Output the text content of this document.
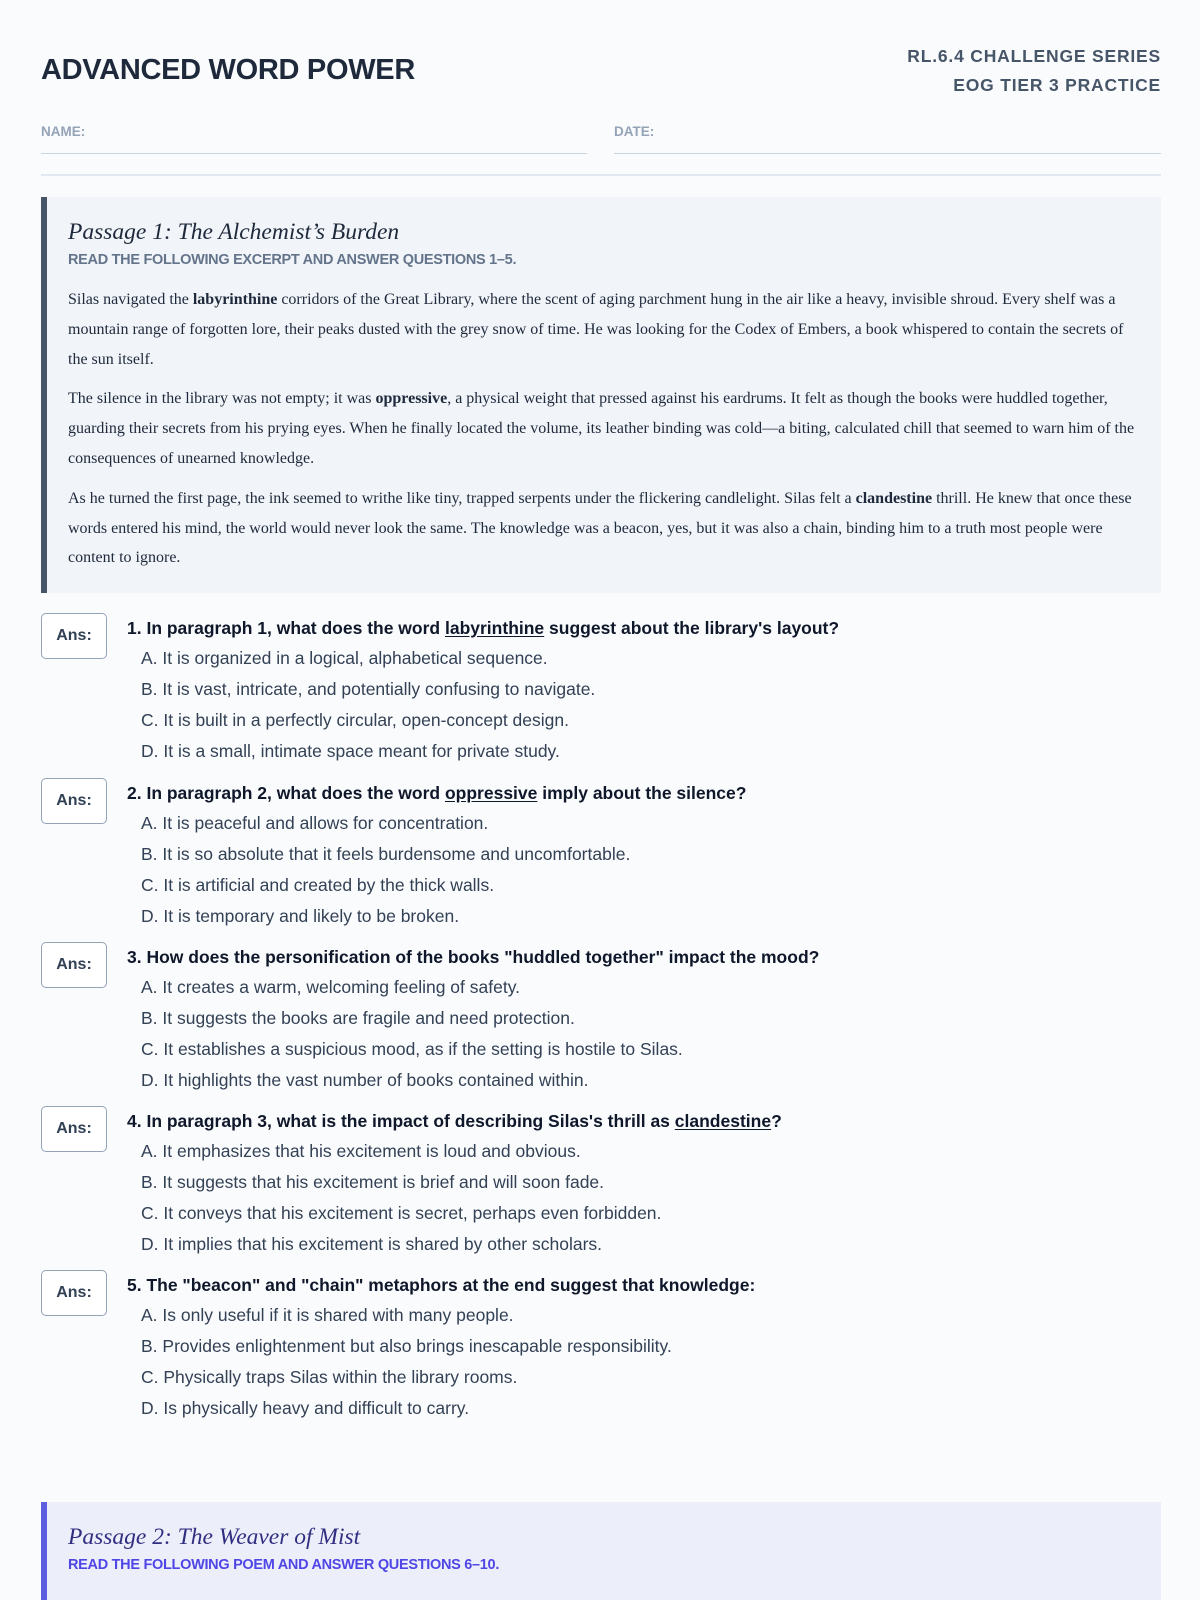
ADVANCED WORD POWER	RL.6.4 CHALLENGE SERIES
EOG TIER 3 PRACTICE
NAME:	DATE:
Passage 1: The Alchemist’s Burden
READ THE FOLLOWING EXCERPT AND ANSWER QUESTIONS 1–5.

Silas navigated the labyrinthine corridors of the Great Library, where the scent of aging parchment hung in the air like a heavy, invisible shroud. Every shelf was a mountain range of forgotten lore, their peaks dusted with the grey snow of time. He was looking for the Codex of Embers, a book whispered to contain the secrets of the sun itself.

The silence in the library was not empty; it was oppressive, a physical weight that pressed against his eardrums. It felt as though the books were huddled together, guarding their secrets from his prying eyes. When he finally located the volume, its leather binding was cold—a biting, calculated chill that seemed to warn him of the consequences of unearned knowledge.

As he turned the first page, the ink seemed to writhe like tiny, trapped serpents under the flickering candlelight. Silas felt a clandestine thrill. He knew that once these words entered his mind, the world would never look the same. The knowledge was a beacon, yes, but it was also a chain, binding him to a truth most people were content to ignore.

Ans:	1. In paragraph 1, what does the word labyrinthine suggest about the library's layout?
A. It is organized in a logical, alphabetical sequence.
B. It is vast, intricate, and potentially confusing to navigate.
C. It is built in a perfectly circular, open-concept design.
D. It is a small, intimate space meant for private study.
Ans:	2. In paragraph 2, what does the word oppressive imply about the silence?
A. It is peaceful and allows for concentration.
B. It is so absolute that it feels burdensome and uncomfortable.
C. It is artificial and created by the thick walls.
D. It is temporary and likely to be broken.
Ans:	3. How does the personification of the books "huddled together" impact the mood?
A. It creates a warm, welcoming feeling of safety.
B. It suggests the books are fragile and need protection.
C. It establishes a suspicious mood, as if the setting is hostile to Silas.
D. It highlights the vast number of books contained within.
Ans:	4. In paragraph 3, what is the impact of describing Silas's thrill as clandestine?
A. It emphasizes that his excitement is loud and obvious.
B. It suggests that his excitement is brief and will soon fade.
C. It conveys that his excitement is secret, perhaps even forbidden.
D. It implies that his excitement is shared by other scholars.
Ans:	5. The "beacon" and "chain" metaphors at the end suggest that knowledge:
A. Is only useful if it is shared with many people.
B. Provides enlightenment but also brings inescapable responsibility.
C. Physically traps Silas within the library rooms.
D. Is physically heavy and difficult to carry.
Passage 2: The Weaver of Mist
READ THE FOLLOWING POEM AND ANSWER QUESTIONS 6–10.
